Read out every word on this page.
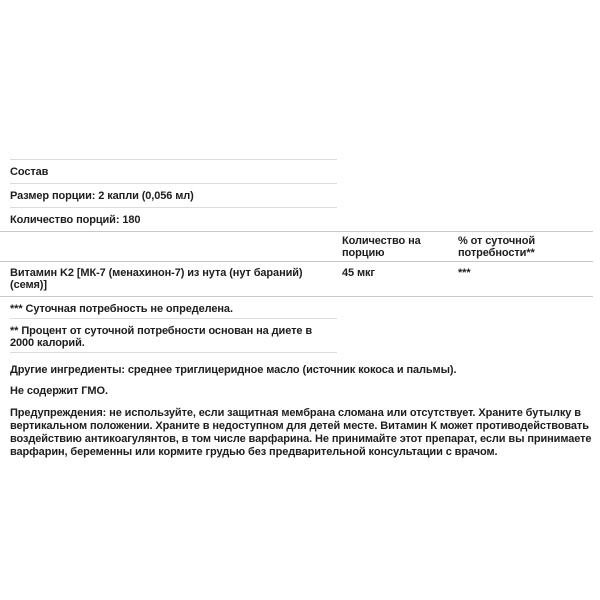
Состав
Размер порции: 2 капли (0,056 мл)
Количество порций: 180
Количество на порцию
% от суточной потребности**
Витамин K2 [МК-7 (менахинон-7) из нута (нут бараний) (семя)]
45 мкг	***
*** Суточная потребность не определена.
** Процент от суточной потребности основан на диете в 2000 калорий.
Другие ингредиенты: среднее триглицеридное масло (источник кокоса и пальмы).
Не содержит ГМО.
Предупреждения: не используйте, если защитная мембрана сломана или отсутствует. Храните бутылку в вертикальном положении. Храните в недоступном для детей месте. Витамин К может противодействовать воздействию антикоагулянтов, в том числе варфарина. Не принимайте этот препарат, если вы принимаете варфарин, беременны или кормите грудью без предварительной консультации с врачом.
